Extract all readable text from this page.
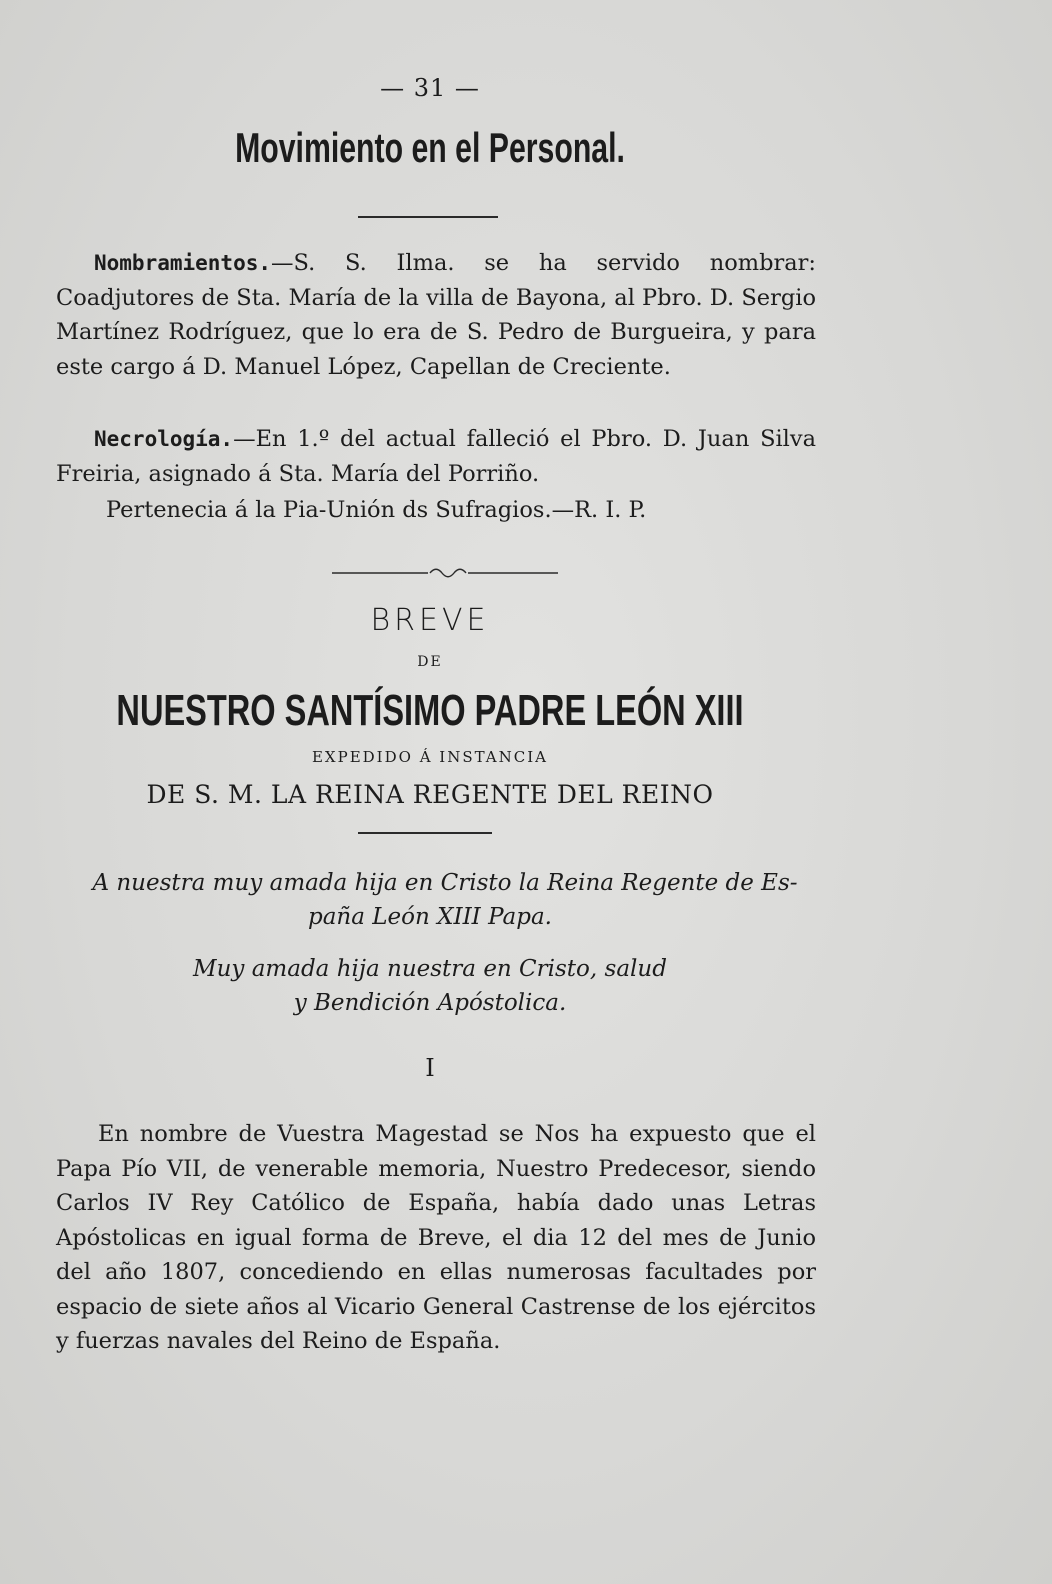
— 31 —
Movimiento en el Personal.
Nombramientos.—S. S. Ilma. se ha servido nombrar: Coadjutores de Sta. María de la villa de Bayona, al Pbro. D. Sergio Martínez Rodríguez, que lo era de S. Pedro de Burgueira, y para este cargo á D. Manuel López, Capellan de Creciente.
Necrología.—En 1.º del actual falleció el Pbro. D. Juan Silva Freiria, asignado á Sta. María del Porriño.
Pertenecia á la Pia-Unión ds Sufragios.—R. I. P.
BREVE
DE
NUESTRO SANTÍSIMO PADRE LEÓN XIII
EXPEDIDO Á INSTANCIA
DE S. M. LA REINA REGENTE DEL REINO
A nuestra muy amada hija en Cristo la Reina Regente de Es-
paña León XIII Papa.
Muy amada hija nuestra en Cristo, salud
y Bendición Apóstolica.
I
En nombre de Vuestra Magestad se Nos ha expuesto que el Papa Pío VII, de venerable memoria, Nuestro Predecesor, siendo Carlos IV Rey Católico de España, había dado unas Letras Apóstolicas en igual forma de Breve, el dia 12 del mes de Junio del año 1807, concediendo en ellas numerosas facultades por espacio de siete años al Vicario General Castrense de los ejércitos y fuerzas navales del Reino de España.
